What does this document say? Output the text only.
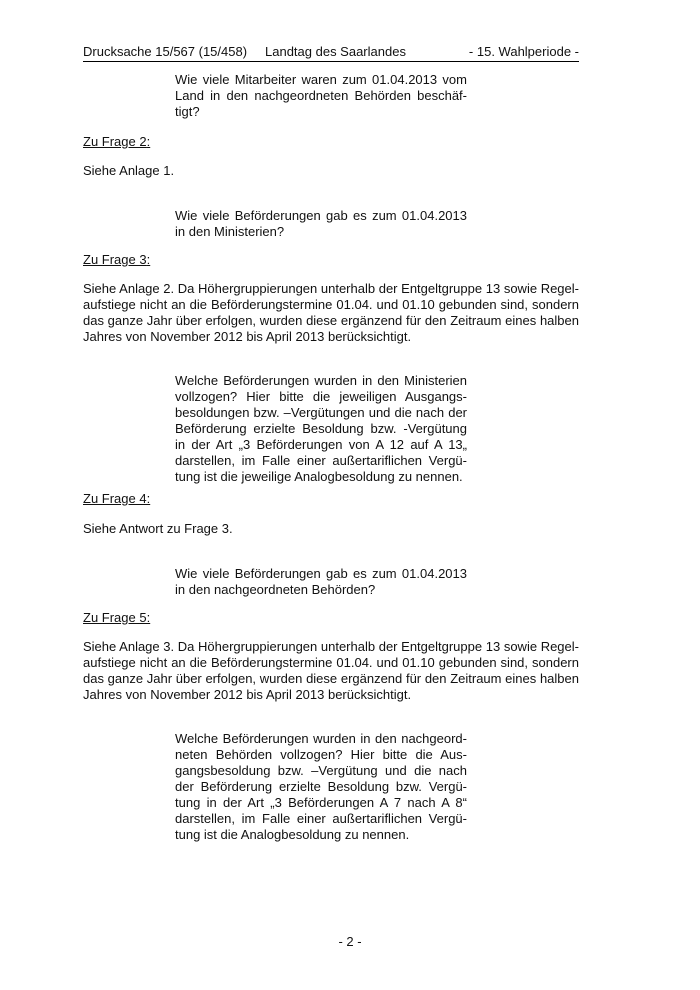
Drucksache 15/567 (15/458) Landtag des Saarlandes	- 15. Wahlperiode -
Wie viele Mitarbeiter waren zum 01.04.2013 vom
Land in den nachgeordneten Behörden beschäf-
tigt?
Zu Frage 2:
Siehe Anlage 1.
Wie viele Beförderungen gab es zum 01.04.2013
in den Ministerien?
Zu Frage 3:
Siehe Anlage 2. Da Höhergruppierungen unterhalb der Entgeltgruppe 13 sowie Regel-
aufstiege nicht an die Beförderungstermine 01.04. und 01.10 gebunden sind, sondern
das ganze Jahr über erfolgen, wurden diese ergänzend für den Zeitraum eines halben
Jahres von November 2012 bis April 2013 berücksichtigt.
Welche Beförderungen wurden in den Ministerien
vollzogen? Hier bitte die jeweiligen Ausgangs-
besoldungen bzw. –Vergütungen und die nach der
Beförderung erzielte Besoldung bzw. -Vergütung
in der Art „3 Beförderungen von A 12 auf A 13„
darstellen, im Falle einer außertariflichen Vergü-
tung ist die jeweilige Analogbesoldung zu nennen.
Zu Frage 4:
Siehe Antwort zu Frage 3.
Wie viele Beförderungen gab es zum 01.04.2013
in den nachgeordneten Behörden?
Zu Frage 5:
Siehe Anlage 3. Da Höhergruppierungen unterhalb der Entgeltgruppe 13 sowie Regel-
aufstiege nicht an die Beförderungstermine 01.04. und 01.10 gebunden sind, sondern
das ganze Jahr über erfolgen, wurden diese ergänzend für den Zeitraum eines halben
Jahres von November 2012 bis April 2013 berücksichtigt.
Welche Beförderungen wurden in den nachgeord-
neten Behörden vollzogen? Hier bitte die Aus-
gangsbesoldung bzw. –Vergütung und die nach
der Beförderung erzielte Besoldung bzw. Vergü-
tung in der Art „3 Beförderungen A 7 nach A 8“
darstellen, im Falle einer außertariflichen Vergü-
tung ist die Analogbesoldung zu nennen.
- 2 -
